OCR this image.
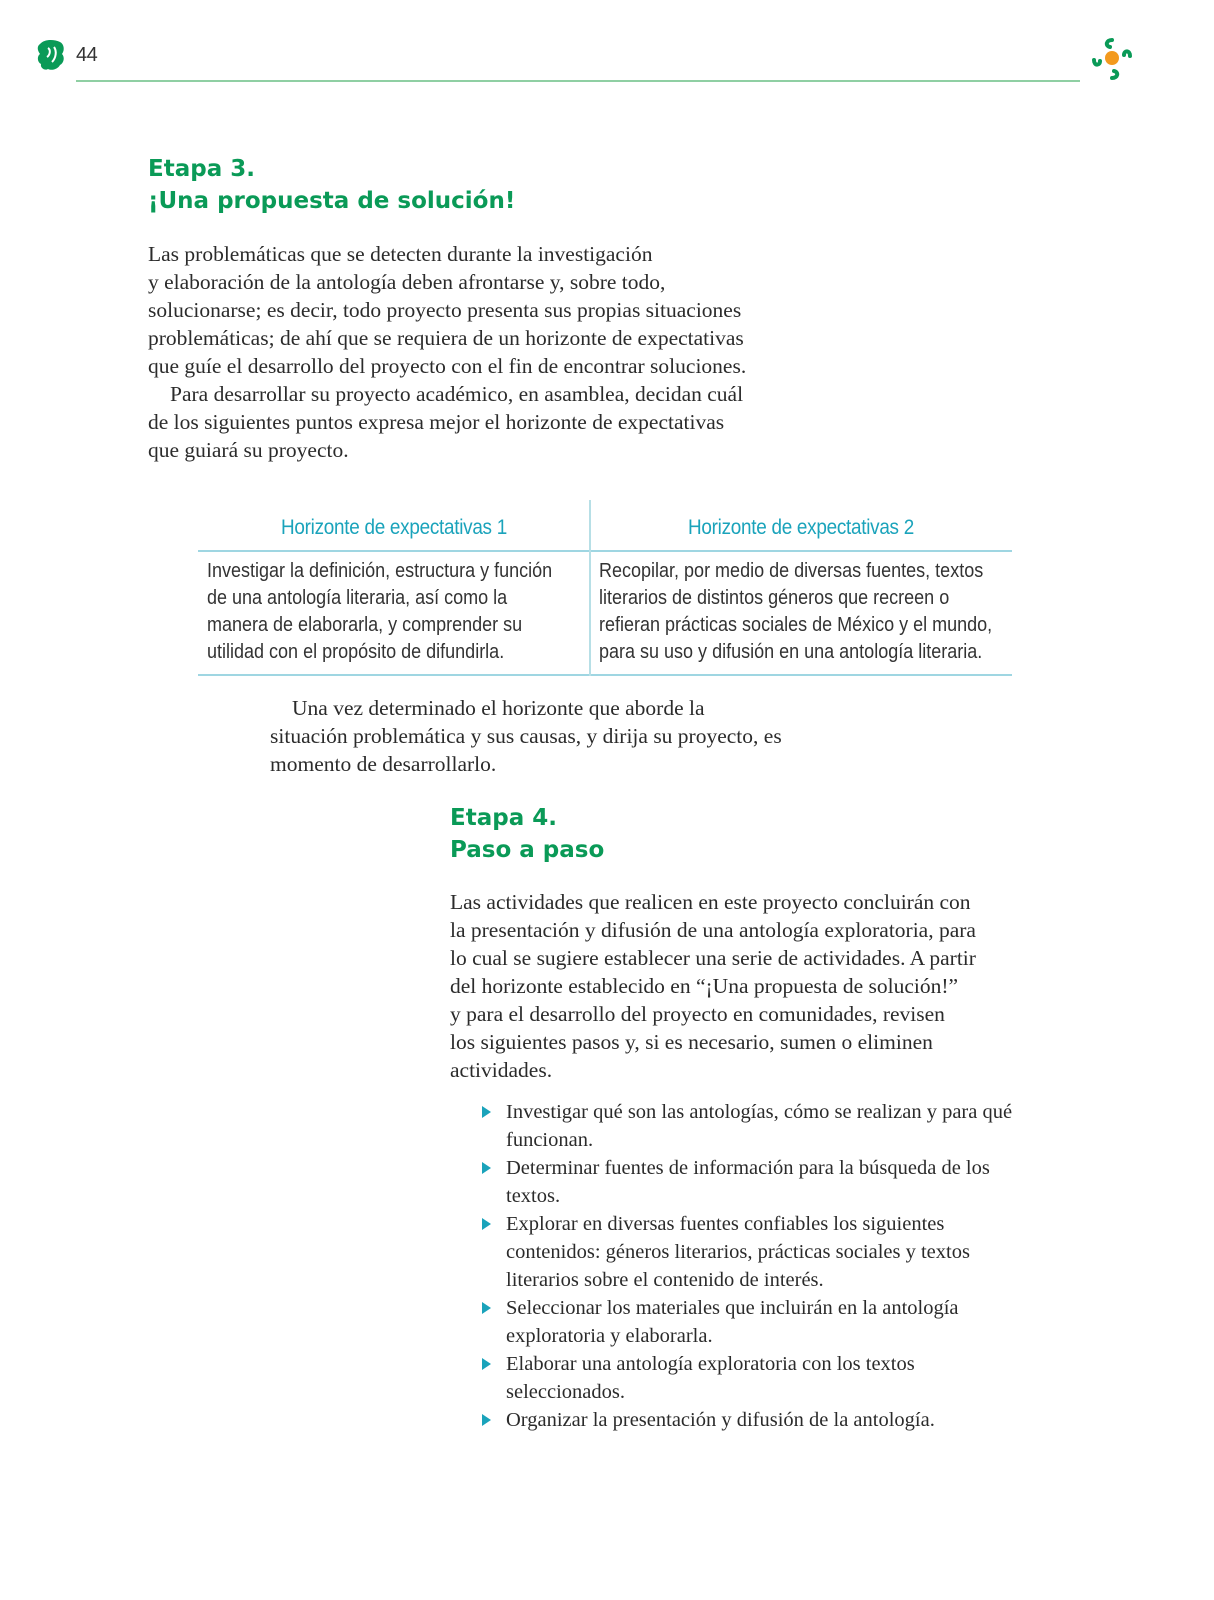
44
Etapa 3.
¡Una propuesta de solución!
Las problemáticas que se detecten durante la investigación
y elaboración de la antología deben afrontarse y, sobre todo,
solucionarse; es decir, todo proyecto presenta sus propias situaciones
problemáticas; de ahí que se requiera de un horizonte de expectativas
que guíe el desarrollo del proyecto con el fin de encontrar soluciones.
Para desarrollar su proyecto académico, en asamblea, decidan cuál
de los siguientes puntos expresa mejor el horizonte de expectativas
que guiará su proyecto.
Horizonte de expectativas 1
Investigar la definición, estructura y función
de una antología literaria, así como la
manera de elaborarla, y comprender su
utilidad con el propósito de difundirla.
Horizonte de expectativas 2
Recopilar, por medio de diversas fuentes, textos
literarios de distintos géneros que recreen o
refieran prácticas sociales de México y el mundo,
para su uso y difusión en una antología literaria.
Una vez determinado el horizonte que aborde la
situación problemática y sus causas, y dirija su proyecto, es
momento de desarrollarlo.
Etapa 4.
Paso a paso
Las actividades que realicen en este proyecto concluirán con
la presentación y difusión de una antología exploratoria, para
lo cual se sugiere establecer una serie de actividades. A partir
del horizonte establecido en “¡Una propuesta de solución!”
y para el desarrollo del proyecto en comunidades, revisen
los siguientes pasos y, si es necesario, sumen o eliminen
actividades.
Investigar qué son las antologías, cómo se realizan y para qué
funcionan.
Determinar fuentes de información para la búsqueda de los
textos.
Explorar en diversas fuentes confiables los siguientes
contenidos: géneros literarios, prácticas sociales y textos
literarios sobre el contenido de interés.
Seleccionar los materiales que incluirán en la antología
exploratoria y elaborarla.
Elaborar una antología exploratoria con los textos
seleccionados.
Organizar la presentación y difusión de la antología.
